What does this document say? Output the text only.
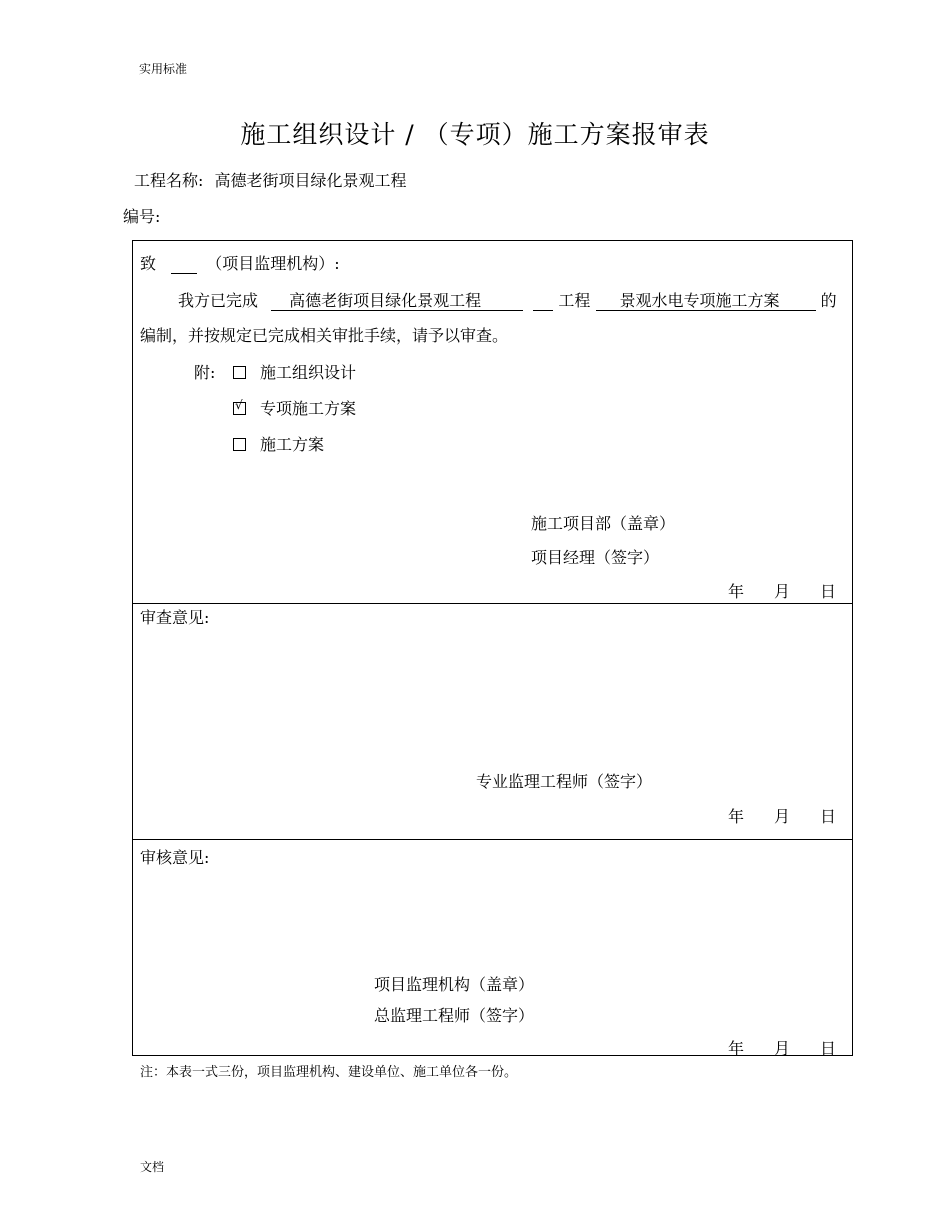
实用标准
文档
施工组织设计 / （专项）施工方案报审表
工程名称: 高德老街项目绿化景观工程
编号:
致	（项目监理机构）:
我方已完成 高德老街项目绿化景观工程	工程 景观水电专项施工方案	的
编制，并按规定已完成相关审批手续，请予以审查。
附:	施工组织设计
√ 专项施工方案
施工方案
施工项目部（盖章）
项目经理（签字）
年 月 日
审查意见:
专业监理工程师（签字）
年 月 日
审核意见:
项目监理机构（盖章）
总监理工程师（签字）
年 月 日
注：本表一式三份，项目监理机构、建设单位、施工单位各一份。
